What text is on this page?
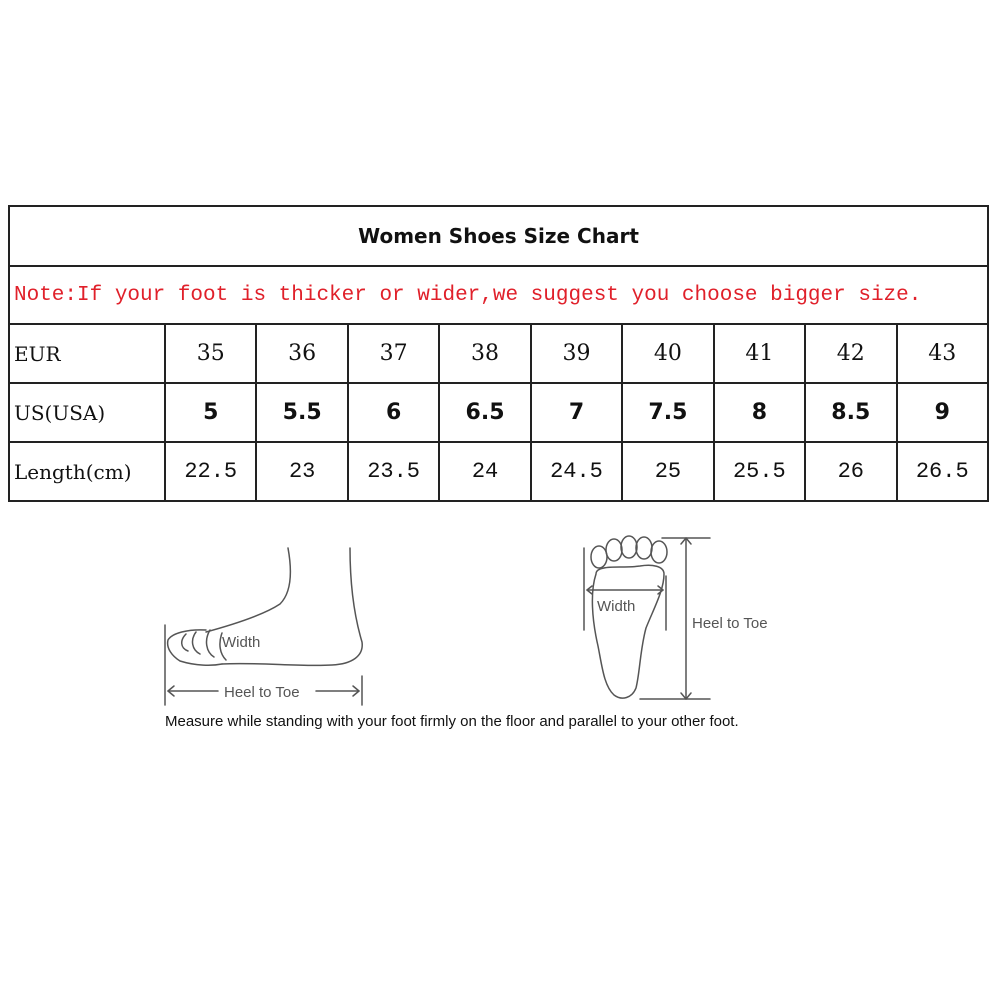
Women Shoes Size Chart									
Note:If your foot is thicker or wider,we suggest you choose bigger size.									
EUR	35	36	37	38	39	40	41	42	43
US(USA)	5	5.5	6	6.5	7	7.5	8	8.5	9
Length(cm)	22.5	23	23.5	24	24.5	25	25.5	26	26.5
Width
Heel to Toe
Width
Heel to Toe
Measure while standing with your foot firmly on the floor and parallel to your other foot.
